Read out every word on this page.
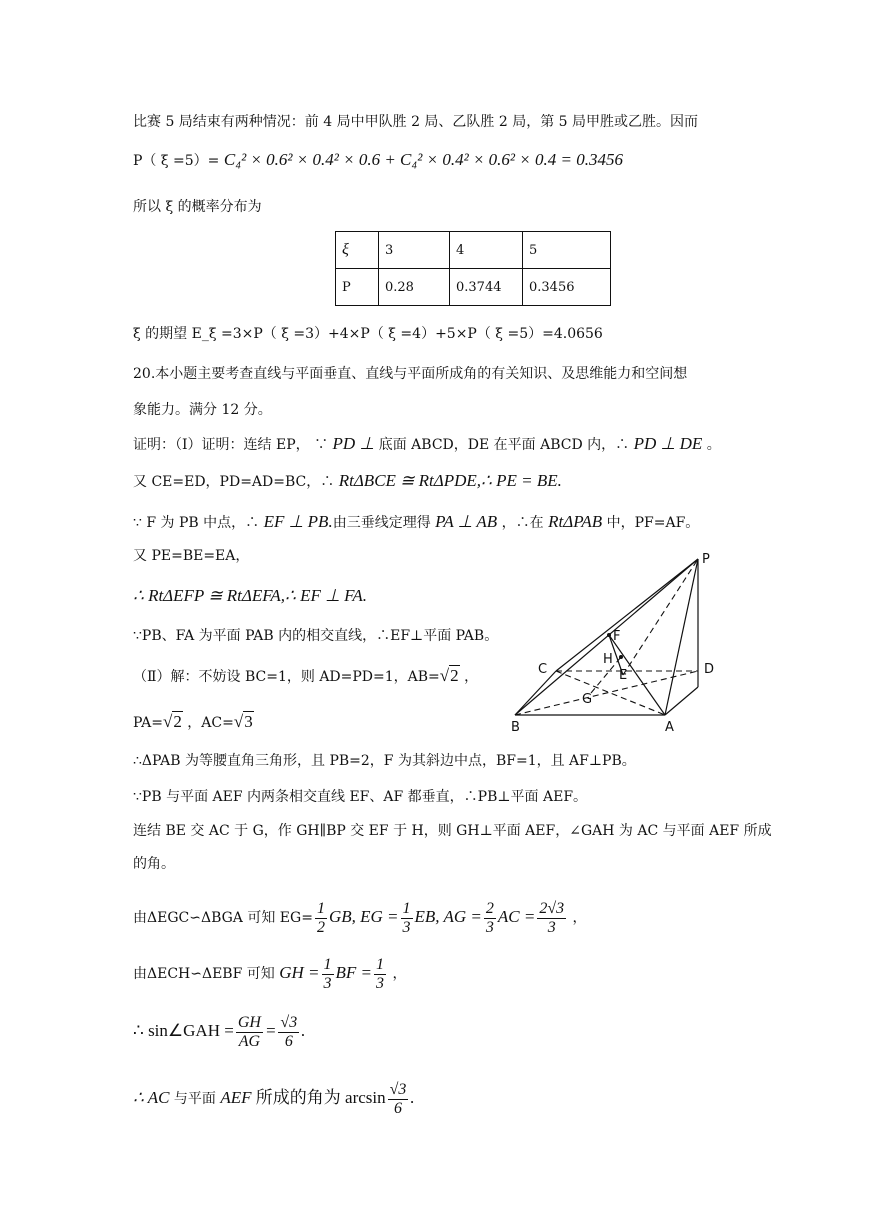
比赛 5 局结束有两种情况：前 4 局中甲队胜 2 局、乙队胜 2 局，第 5 局甲胜或乙胜。因而
P（ ξ =5）= C₄² × 0.6² × 0.4² × 0.6 + C₄² × 0.4² × 0.6² × 0.4 = 0.3456
所以 ξ 的概率分布为
ξ	3	4	5
P	0.28	0.3744	0.3456
ξ 的期望 E_ξ =3×P（ ξ =3）+4×P（ ξ =4）+5×P（ ξ =5）=4.0656
20.本小题主要考查直线与平面垂直、直线与平面所成角的有关知识、及思维能力和空间想
象能力。满分 12 分。
证明：（Ⅰ）证明：连结 EP， ∵ PD ⊥ 底面 ABCD，DE 在平面 ABCD 内，∴ PD ⊥ DE 。
又 CE=ED，PD=AD=BC，∴ RtΔBCE ≅ RtΔPDE,∴ PE = BE.
∵ F 为 PB 中点，∴ EF ⊥ PB.由三垂线定理得 PA ⊥ AB ，∴在 RtΔPAB 中，PF=AF。
又 PE=BE=EA，
∴ RtΔEFP ≅ RtΔEFA,∴ EF ⊥ FA.
∵PB、FA 为平面 PAB 内的相交直线，∴EF⊥平面 PAB。
（Ⅱ）解：不妨设 BC=1，则 AD=PD=1，AB=√2 ，
PA=√2 ，AC=√3
∴ΔPAB 为等腰直角三角形，且 PB=2，F 为其斜边中点，BF=1，且 AF⊥PB。
∵PB 与平面 AEF 内两条相交直线 EF、AF 都垂直，∴PB⊥平面 AEF。
连结 BE 交 AC 于 G，作 GH∥BP 交 EF 于 H，则 GH⊥平面 AEF，∠GAH 为 AC 与平面 AEF 所成
的角。
由ΔEGC∽ΔBGA 可知 $EG= \frac{1}{2}$ GB, EG = $\frac{1}{3}$ EB, AG = $\frac{2}{3}$ AC = $\frac{2√3}{3}$ ，
由ΔECH∽ΔEBF 可知 GH = $\frac{1}{3}$ BF = $\frac{1}{3}$ ，
∴ sin∠GAH = $\frac{GH}{AG} = \frac{√3}{6}$ .
∴ AC 与平面 AEF 所成的角为 $\arcsin \frac{√3}{6}$ .
P
F
H
C	D
E
G
B	A
